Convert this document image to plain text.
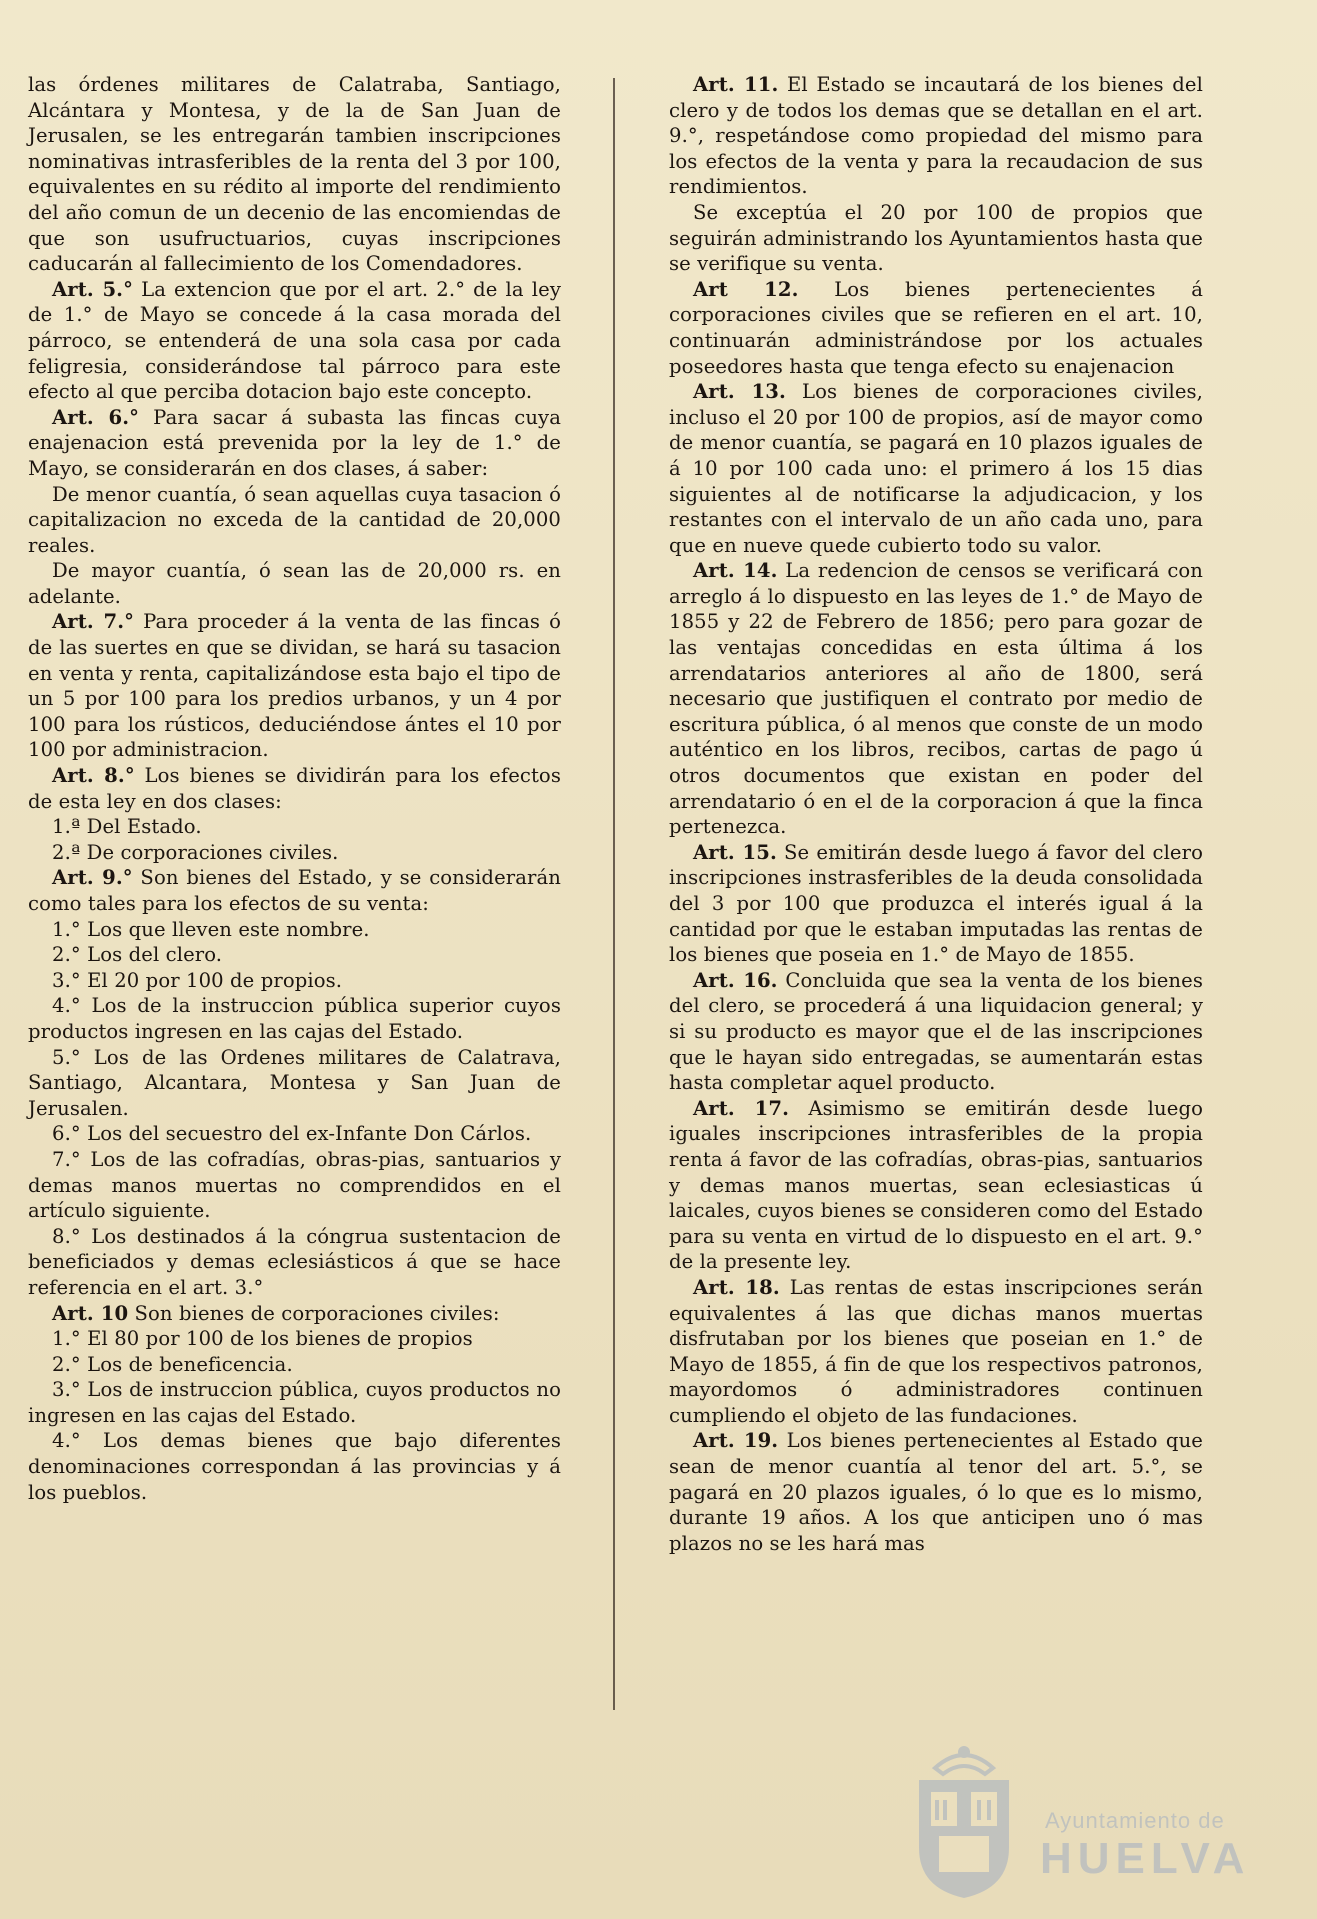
las órdenes militares de Calatraba, Santiago, Alcántara y Montesa, y de la de San Juan de Jerusalen, se les entregarán tambien inscripciones nominativas intrasferibles de la renta del 3 por 100, equivalentes en su rédito al importe del rendimiento del año comun de un decenio de las encomiendas de que son usufructuarios, cuyas inscripciones caducarán al fallecimiento de los Comendadores.

Art. 5.° La extencion que por el art. 2.° de la ley de 1.° de Mayo se concede á la casa morada del párroco, se entenderá de una sola casa por cada feligresia, considerándose tal párroco para este efecto al que perciba dotacion bajo este concepto.

Art. 6.° Para sacar á subasta las fincas cuya enajenacion está prevenida por la ley de 1.° de Mayo, se considerarán en dos clases, á saber:

De menor cuantía, ó sean aquellas cuya tasacion ó capitalizacion no exceda de la cantidad de 20,000 reales.

De mayor cuantía, ó sean las de 20,000 rs. en adelante.

Art. 7.° Para proceder á la venta de las fincas ó de las suertes en que se dividan, se hará su tasacion en venta y renta, capitalizándose esta bajo el tipo de un 5 por 100 para los predios urbanos, y un 4 por 100 para los rústicos, deduciéndose ántes el 10 por 100 por administracion.

Art. 8.° Los bienes se dividirán para los efectos de esta ley en dos clases:

1.ª Del Estado.

2.ª De corporaciones civiles.

Art. 9.° Son bienes del Estado, y se considerarán como tales para los efectos de su venta:

1.° Los que lleven este nombre.

2.° Los del clero.

3.° El 20 por 100 de propios.

4.° Los de la instruccion pública superior cuyos productos ingresen en las cajas del Estado.

5.° Los de las Ordenes militares de Calatrava, Santiago, Alcantara, Montesa y San Juan de Jerusalen.

6.° Los del secuestro del ex-Infante Don Cárlos.

7.° Los de las cofradías, obras-pias, santuarios y demas manos muertas no comprendidos en el artículo siguiente.

8.° Los destinados á la cóngrua sustentacion de beneficiados y demas eclesiásticos á que se hace referencia en el art. 3.°

Art. 10 Son bienes de corporaciones civiles:

1.° El 80 por 100 de los bienes de propios

2.° Los de beneficencia.

3.° Los de instruccion pública, cuyos productos no ingresen en las cajas del Estado.

4.° Los demas bienes que bajo diferentes denominaciones correspondan á las provincias y á los pueblos.

Art. 11. El Estado se incautará de los bienes del clero y de todos los demas que se detallan en el art. 9.°, respetándose como propiedad del mismo para los efectos de la venta y para la recaudacion de sus rendimientos.

Se exceptúa el 20 por 100 de propios que seguirán administrando los Ayuntamientos hasta que se verifique su venta.

Art 12. Los bienes pertenecientes á corporaciones civiles que se refieren en el art. 10, continuarán administrándose por los actuales poseedores hasta que tenga efecto su enajenacion

Art. 13. Los bienes de corporaciones civiles, incluso el 20 por 100 de propios, así de mayor como de menor cuantía, se pagará en 10 plazos iguales de á 10 por 100 cada uno: el primero á los 15 dias siguientes al de notificarse la adjudicacion, y los restantes con el intervalo de un año cada uno, para que en nueve quede cubierto todo su valor.

Art. 14. La redencion de censos se verificará con arreglo á lo dispuesto en las leyes de 1.° de Mayo de 1855 y 22 de Febrero de 1856; pero para gozar de las ventajas concedidas en esta última á los arrendatarios anteriores al año de 1800, será necesario que justifiquen el contrato por medio de escritura pública, ó al menos que conste de un modo auténtico en los libros, recibos, cartas de pago ú otros documentos que existan en poder del arrendatario ó en el de la corporacion á que la finca pertenezca.

Art. 15. Se emitirán desde luego á favor del clero inscripciones instrasferibles de la deuda consolidada del 3 por 100 que produzca el interés igual á la cantidad por que le estaban imputadas las rentas de los bienes que poseia en 1.° de Mayo de 1855.

Art. 16. Concluida que sea la venta de los bienes del clero, se procederá á una liquidacion general; y si su producto es mayor que el de las inscripciones que le hayan sido entregadas, se aumentarán estas hasta completar aquel producto.

Art. 17. Asimismo se emitirán desde luego iguales inscripciones intrasferibles de la propia renta á favor de las cofradías, obras-pias, santuarios y demas manos muertas, sean eclesiasticas ú laicales, cuyos bienes se consideren como del Estado para su venta en virtud de lo dispuesto en el art. 9.° de la presente ley.

Art. 18. Las rentas de estas inscripciones serán equivalentes á las que dichas manos muertas disfrutaban por los bienes que poseian en 1.° de Mayo de 1855, á fin de que los respectivos patronos, mayordomos ó administradores continuen cumpliendo el objeto de las fundaciones.

Art. 19. Los bienes pertenecientes al Estado que sean de menor cuantía al tenor del art. 5.°, se pagará en 20 plazos iguales, ó lo que es lo mismo, durante 19 años. A los que anticipen uno ó mas plazos no se les hará mas

Ayuntamiento de
HUELVA
